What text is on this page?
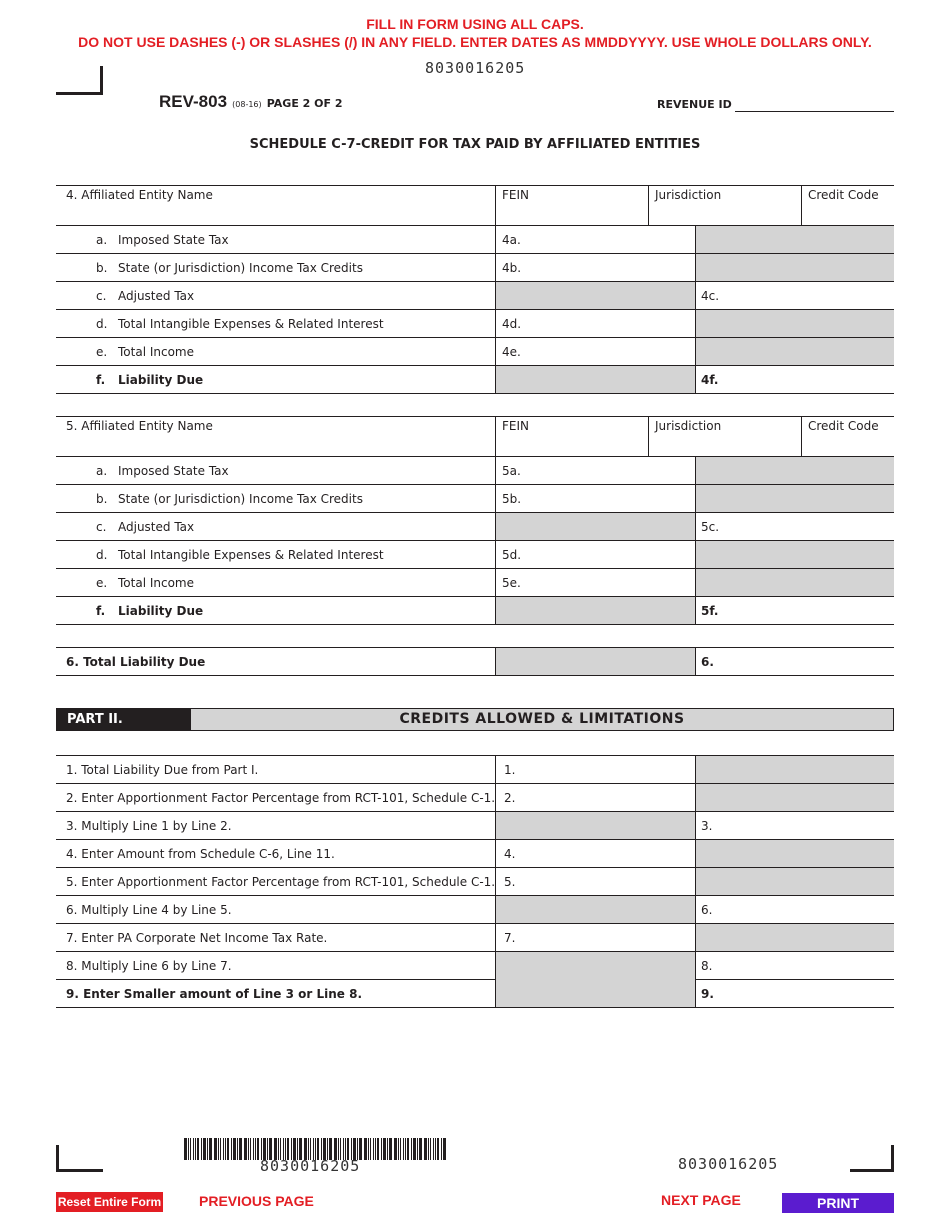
FILL IN FORM USING ALL CAPS.
DO NOT USE DASHES (-) OR SLASHES (/) IN ANY FIELD. ENTER DATES AS MMDDYYYY. USE WHOLE DOLLARS ONLY.
8030016205
REV-803 (08-16) PAGE 2 OF 2	REVENUE ID
SCHEDULE C-7-CREDIT FOR TAX PAID BY AFFILIATED ENTITIES
4. Affiliated Entity Name	FEIN	Jurisdiction	Credit Code
a. Imposed State Tax	4a.
b. State (or Jurisdiction) Income Tax Credits	4b.
c. Adjusted Tax	4c.
d. Total Intangible Expenses & Related Interest	4d.
e. Total Income	4e.
f. Liability Due	4f.
5. Affiliated Entity Name	FEIN	Jurisdiction	Credit Code
a. Imposed State Tax	5a.
b. State (or Jurisdiction) Income Tax Credits	5b.
c. Adjusted Tax	5c.
d. Total Intangible Expenses & Related Interest	5d.
e. Total Income	5e.
f. Liability Due	5f.
6. Total Liability Due	6.
PART II.	CREDITS ALLOWED & LIMITATIONS
1. Total Liability Due from Part I.	1.
2. Enter Apportionment Factor Percentage from RCT-101, Schedule C-1. 2.
3. Multiply Line 1 by Line 2.	3.
4. Enter Amount from Schedule C-6, Line 11.	4.
5. Enter Apportionment Factor Percentage from RCT-101, Schedule C-1. 5.
6. Multiply Line 4 by Line 5.	6.
7. Enter PA Corporate Net Income Tax Rate.	7.
8. Multiply Line 6 by Line 7.	8.
9. Enter Smaller amount of Line 3 or Line 8.	9.
8030016205	8030016205
Reset Entire Form	PREVIOUS PAGE	NEXT PAGE	PRINT
